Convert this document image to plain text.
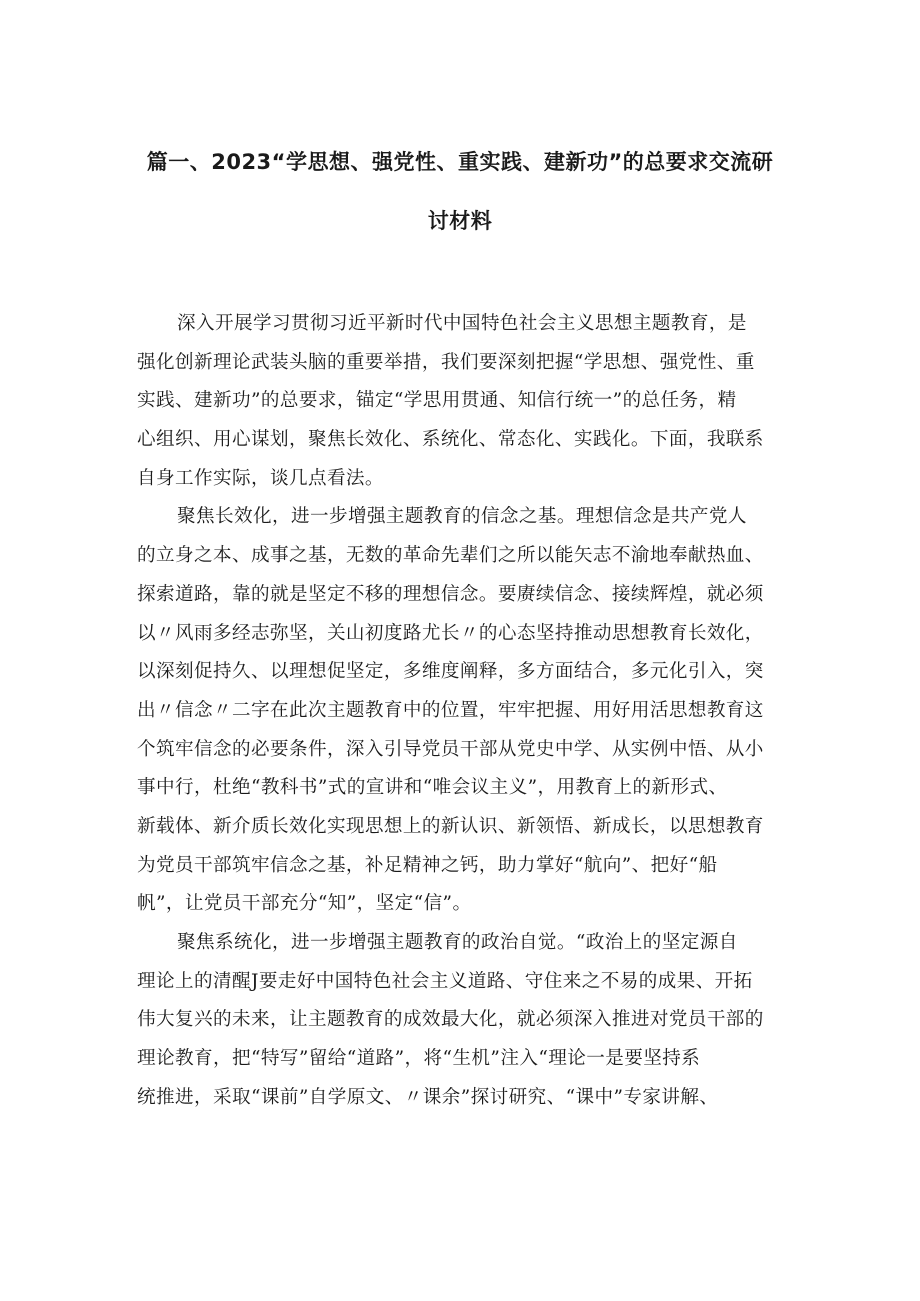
篇一、2023“学思想、强党性、重实践、建新功”的总要求交流研
讨材料
深入开展学习贯彻习近平新时代中国特色社会主义思想主题教育，是
强化创新理论武装头脑的重要举措，我们要深刻把握“学思想、强党性、重
实践、建新功”的总要求，锚定“学思用贯通、知信行统一”的总任务，精
心组织、用心谋划，聚焦长效化、系统化、常态化、实践化。下面，我联系
自身工作实际，谈几点看法。
聚焦长效化，进一步增强主题教育的信念之基。理想信念是共产党人
的立身之本、成事之基，无数的革命先辈们之所以能矢志不渝地奉献热血、
探索道路，靠的就是坚定不移的理想信念。要赓续信念、接续辉煌，就必须
以〃风雨多经志弥坚，关山初度路尤长〃的心态坚持推动思想教育长效化，
以深刻促持久、以理想促坚定，多维度阐释，多方面结合，多元化引入，突
出〃信念〃二字在此次主题教育中的位置，牢牢把握、用好用活思想教育这
个筑牢信念的必要条件，深入引导党员干部从党史中学、从实例中悟、从小
事中行，杜绝“教科书”式的宣讲和“唯会议主义”，用教育上的新形式、
新载体、新介质长效化实现思想上的新认识、新领悟、新成长，以思想教育
为党员干部筑牢信念之基，补足精神之钙，助力掌好“航向”、把好“船
帆”，让党员干部充分“知”，坚定“信”。
聚焦系统化，进一步增强主题教育的政治自觉。“政治上的坚定源自
理论上的清醒J要走好中国特色社会主义道路、守住来之不易的成果、开拓
伟大复兴的未来，让主题教育的成效最大化，就必须深入推进对党员干部的
理论教育，把“特写”留给“道路”，将“生机”注入“理论一是要坚持系
统推进，采取“课前”自学原文、〃课余”探讨研究、“课中”专家讲解、
